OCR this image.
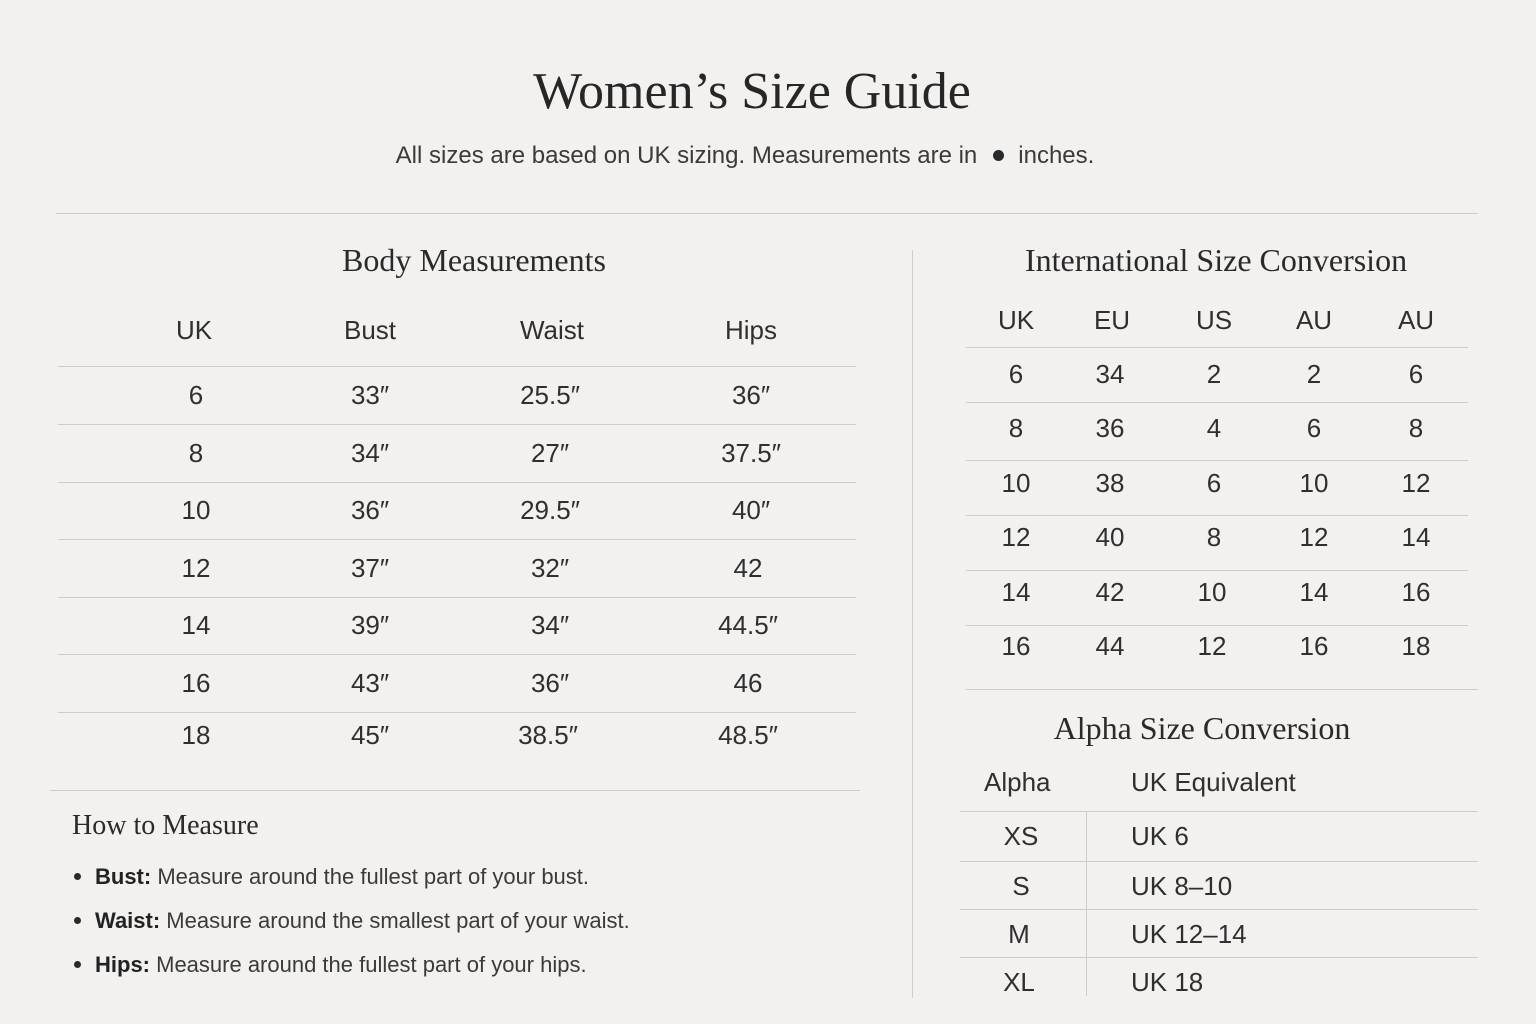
Women’s Size Guide
All sizes are based on UK sizing. Measurements are in inches.
Body Measurements
UK	Bust	Waist	Hips
6	33″	25.5″	36″
8	34″	27″	37.5″
10	36″	29.5″	40″
12	37″	32″	42
14	39″	34″	44.5″
16	43″	36″	46
18	45″	38.5″	48.5″
How to Measure
Bust: Measure around the fullest part of your bust.
Waist: Measure around the smallest part of your waist.
Hips: Measure around the fullest part of your hips.
International Size Conversion
UK	EU	US	AU	AU
6	34	2	2	6
8	36	4	6	8
10	38	6	10	12
12	40	8	12	14
14	42	10	14	16
16	44	12	16	18
Alpha Size Conversion
Alpha	UK Equivalent
XS	UK 6
S	UK 8–10
M	UK 12–14
XL	UK 18
